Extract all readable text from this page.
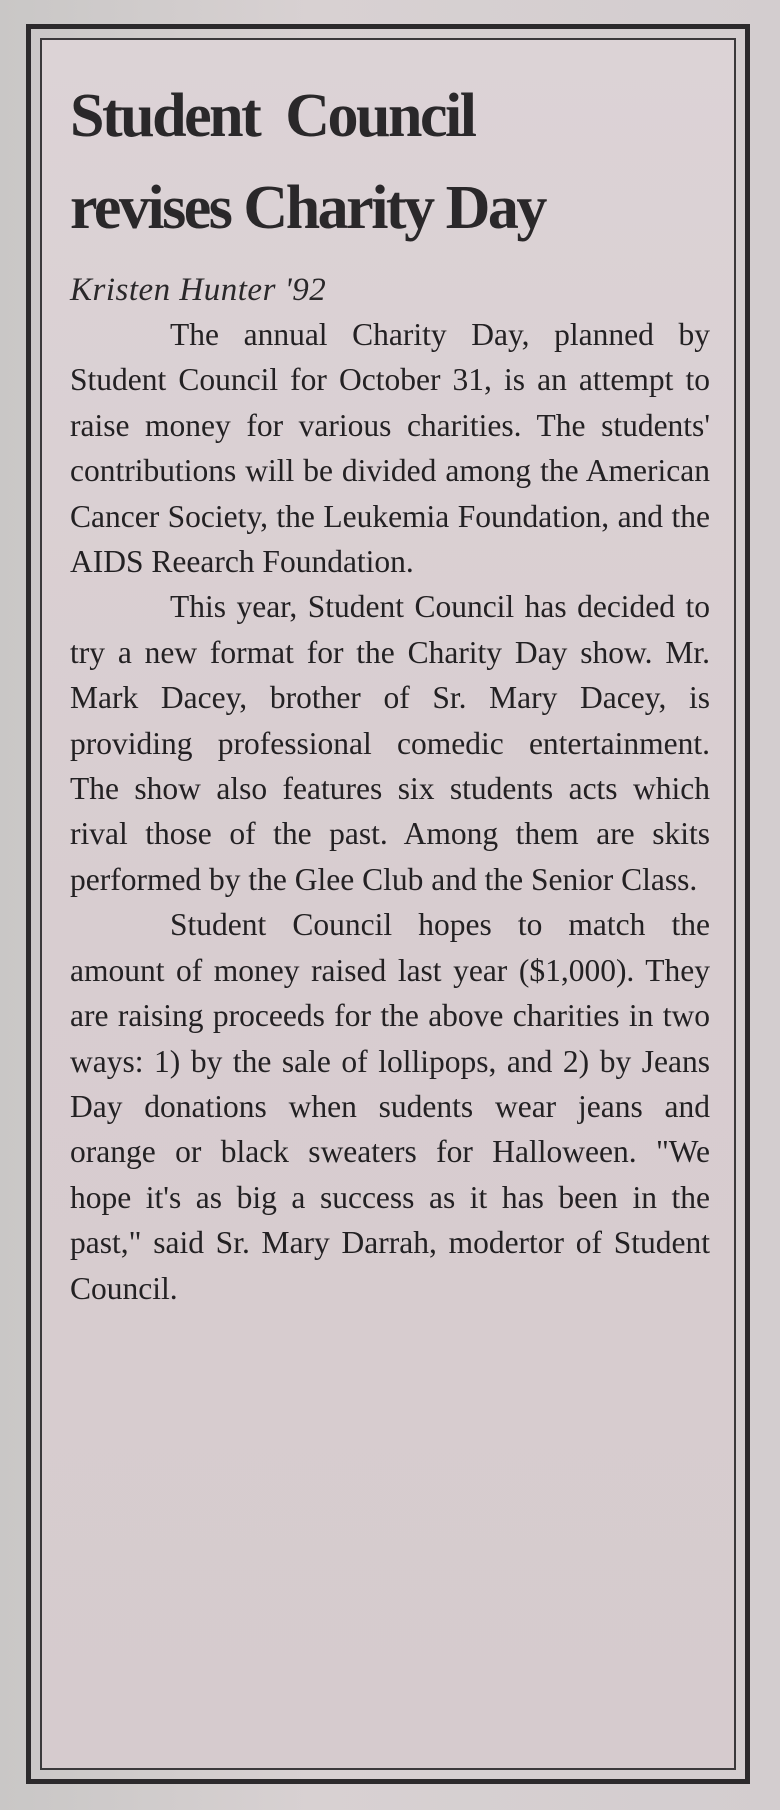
Student  Council
revises Charity Day
Kristen Hunter '92

The annual Charity Day, planned by Student Council for October 31, is an attempt to raise money for various charities. The students' contributions will be divided among the American Cancer Society, the Leukemia Foundation, and the AIDS Reearch Foundation.

This year, Student Council has decided to try a new format for the Charity Day show. Mr. Mark Dacey, brother of Sr. Mary Dacey, is providing professional comedic entertainment. The show also features six students acts which rival those of the past. Among them are skits performed by the Glee Club and the Senior Class.

Student Council hopes to match the amount of money raised last year ($1,000). They are raising proceeds for the above charities in two ways: 1) by the sale of lollipops, and 2) by Jeans Day donations when sudents wear jeans and orange or black sweaters for Halloween. "We hope it's as big a success as it has been in the past," said Sr. Mary Darrah, modertor of Student Council.
